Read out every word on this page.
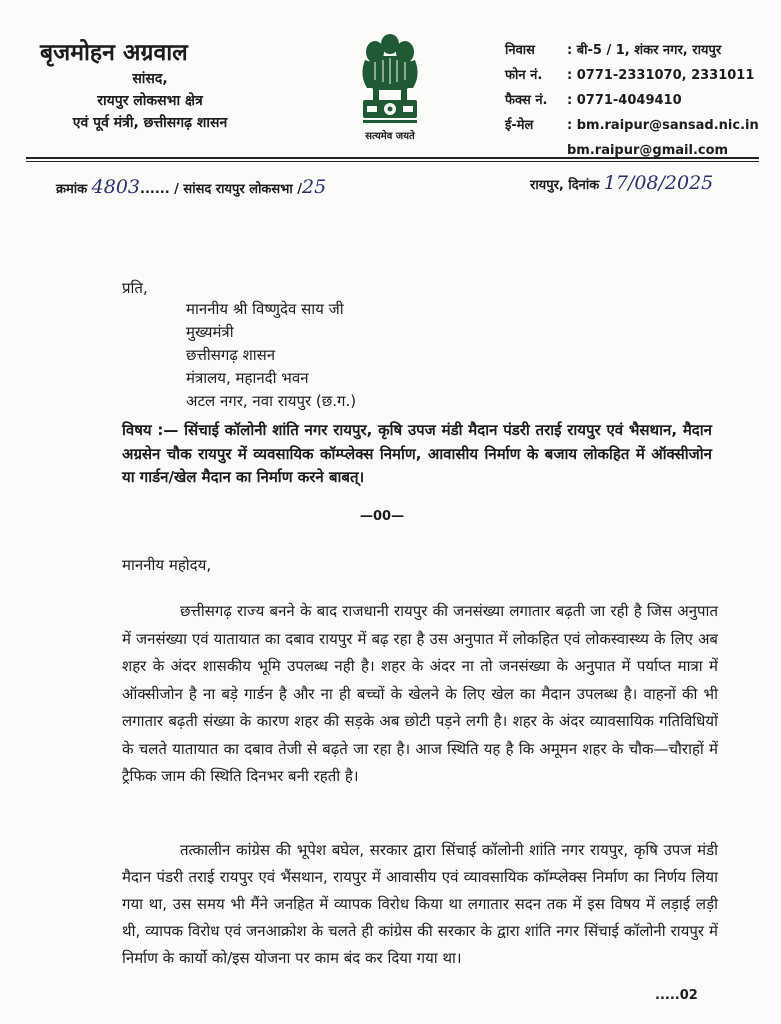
बृजमोहन अग्रवाल
सांसद,
रायपुर लोकसभा क्षेत्र
एवं पूर्व मंत्री, छत्तीसगढ़ शासन
सत्यमेव जयते
निवास : बी-5 / 1, शंकर नगर, रायपुर
फोन नं. : 0771-2331070, 2331011
फैक्स नं. : 0771-4049410
ई-मेल	: bm.raipur@sansad.nic.in
bm.raipur@gmail.com
क्रमांक 4803...... / सांसद रायपुर लोकसभा /25	रायपुर, दिनांक 17/08/2025
प्रति,
माननीय श्री विष्णुदेव साय जी
मुख्यमंत्री
छत्तीसगढ़ शासन
मंत्रालय, महानदी भवन
अटल नगर, नवा रायपुर (छ.ग.)
विषय :— सिंचाई कॉलोनी शांति नगर रायपुर, कृषि उपज मंडी मैदान पंडरी तराई रायपुर एवं भैसथान, मैदान अग्रसेन चौक रायपुर में व्यवसायिक कॉम्प्लेक्स निर्माण, आवासीय निर्माण के बजाय लोकहित में ऑक्सीजोन या गार्डन/खेल मैदान का निर्माण करने बाबत्।
—00—
माननीय महोदय,
छत्तीसगढ़ राज्य बनने के बाद राजधानी रायपुर की जनसंख्या लगातार बढ़ती जा रही है जिस अनुपात में जनसंख्या एवं यातायात का दबाव रायपुर में बढ़ रहा है उस अनुपात में लोकहित एवं लोकस्वास्थ्य के लिए अब शहर के अंदर शासकीय भूमि उपलब्ध नही है। शहर के अंदर ना तो जनसंख्या के अनुपात में पर्याप्त मात्रा में ऑक्सीजोन है ना बड़े गार्डन है और ना ही बच्चों के खेलने के लिए खेल का मैदान उपलब्ध है। वाहनों की भी लगातार बढ़ती संख्या के कारण शहर की सड़के अब छोटी पड़ने लगी है। शहर के अंदर व्यावसायिक गतिविधियों के चलते यातायात का दबाव तेजी से बढ़ते जा रहा है। आज स्थिति यह है कि अमूमन शहर के चौक—चौराहों में ट्रैफिक जाम की स्थिति दिनभर बनी रहती है।
तत्कालीन कांग्रेस की भूपेश बघेल, सरकार द्वारा सिंचाई कॉलोनी शांति नगर रायपुर, कृषि उपज मंडी मैदान पंडरी तराई रायपुर एवं भैंसथान, रायपुर में आवासीय एवं व्यावसायिक कॉम्प्लेक्स निर्माण का निर्णय लिया गया था, उस समय भी मैंने जनहित में व्यापक विरोध किया था लगातार सदन तक में इस विषय में लड़ाई लड़ी थी, व्यापक विरोध एवं जनआक्रोश के चलते ही कांग्रेस की सरकार के द्वारा शांति नगर सिंचाई कॉलोनी रायपुर में निर्माण के कार्यो को/इस योजना पर काम बंद कर दिया गया था।
.....02
